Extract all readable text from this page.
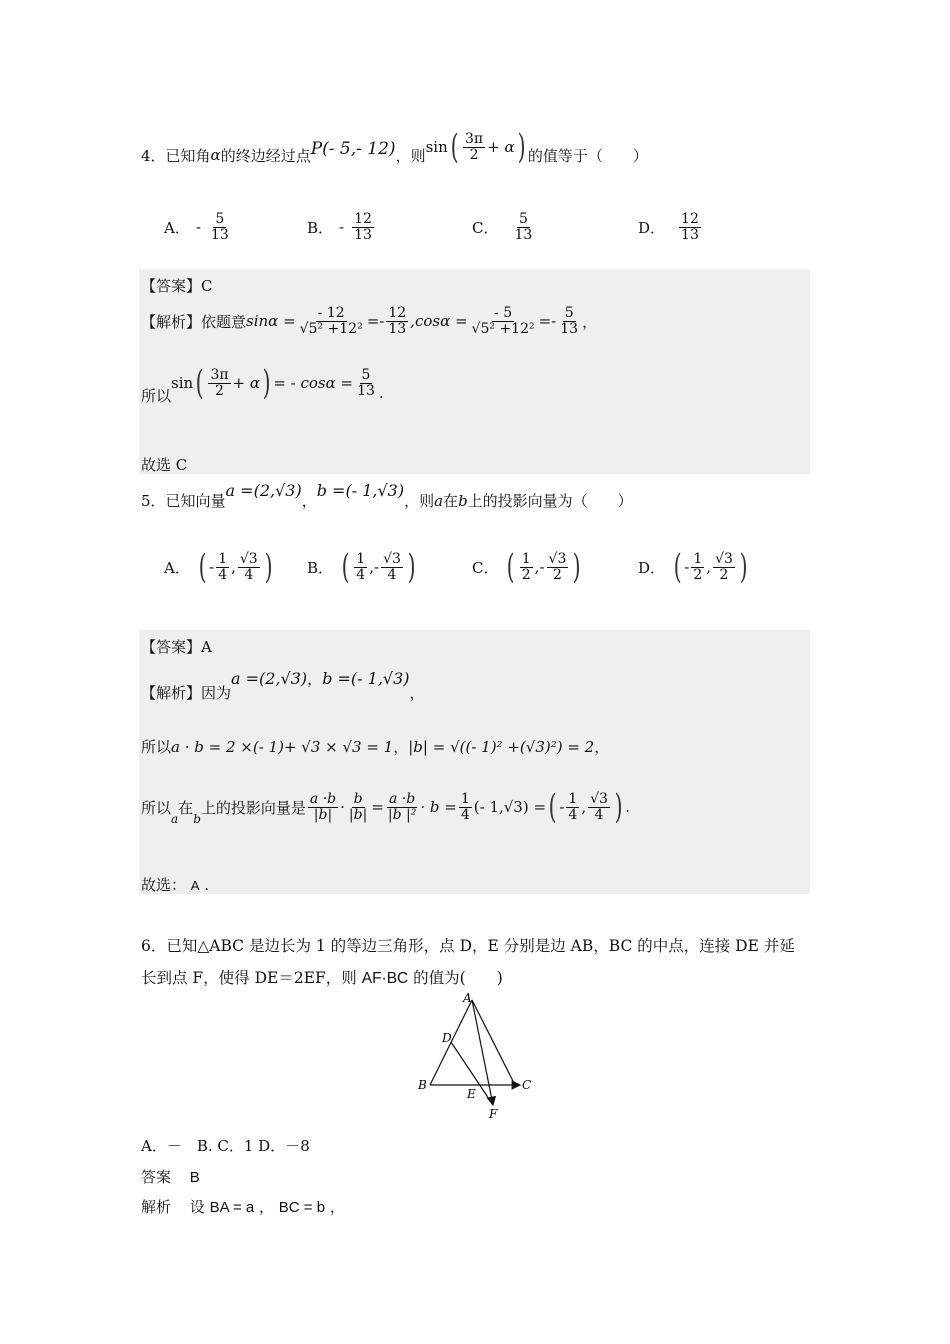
4．已知角 α 的终边经过点 P(- 5,- 12) ，则 sin ( $\frac{3\pi}{2} + \alpha$ ) 的值等于（　　）
A． - $\frac{5}{13}$	B． - $\frac{12}{13}$	C． $\frac{5}{13}$	D． $\frac{12}{13}$
【答案】C
【解析】依题意 $\sin\alpha = \frac{- 12}{\text{√5² +12²}} =- \frac{12}{13} ,\cos\alpha = \frac{- 5}{\text{√5² +12²}} =- \frac{5}{13}$ ，
所以
sin ( $\frac{3\pi}{2} + \alpha$ ) = - $\cos\alpha = \frac{5}{13}$ .
故选 C
5．已知向量
a =(2,√3)
，
b =(- 1,√3)
，则 a 在 b 上的投影向量为（　　）
A． ( - $\frac{1}{4}$ , $\frac{√3}{4}$ ) B． ( $\frac{1}{4}$ , - $\frac{√3}{4}$ )	C． ( $\frac{1}{2}$ , - $\frac{√3}{2}$ )	D． ( - $\frac{1}{2}$ , $\frac{√3}{2}$ )
【答案】A
【解析】因为
a =(2,√3) ， b =(- 1,√3)
，
所以 a · b = 2 ×(- 1)+ √3 × √3 = 1 ， |b| = √((- 1)² +(√3)²) = 2 ，
所以
a
在
b
上的投影向量是 $\frac{a \cdot b}{|b|} \cdot \frac{b}{|b|} = \frac{a \cdot b}{\text{|b |²}} \cdot b = \frac{1}{4}$ (- 1,√3) = ( - $\frac{1}{4}$ , $\frac{√3}{4}$ ) .
故选： A .
6．已知△ABC 是边长为 1 的等边三角形，点 D，E 分别是边 AB，BC 的中点，连接 DE 并延
长到点 F，使得 DE＝2EF，则 AF·BC 的值为(　　)
A
D
B	C
E
F
A．－　B. C．1 D．－8
答案 B
解析 设 BA = a ， BC = b ，
